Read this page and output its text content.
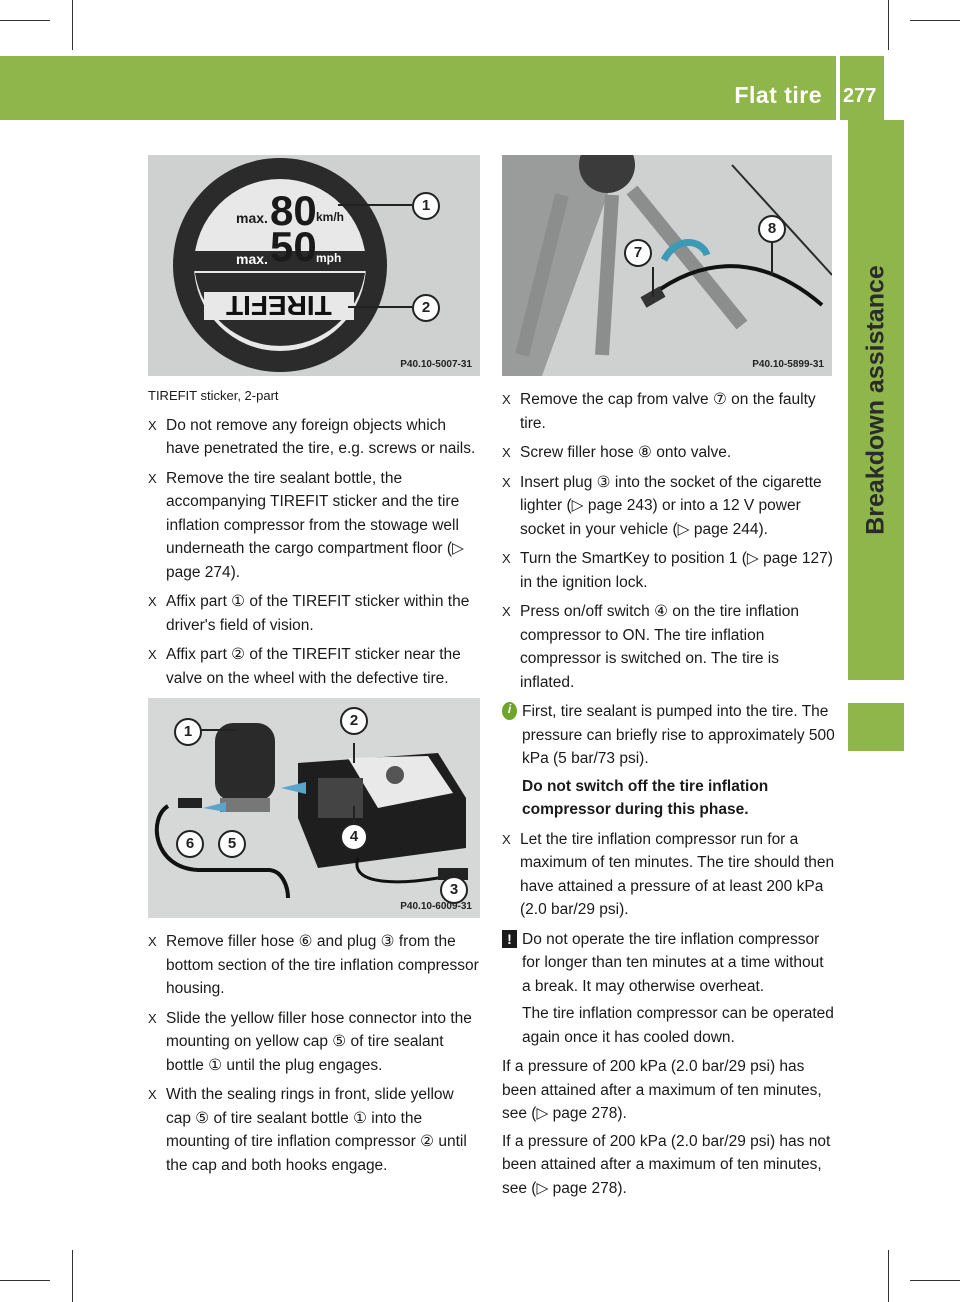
Flat tire 277
Breakdown assistance
max. 80 km/h
max. 50 mph
TIREFIT
1
2
P40.10-5007-31
1
2
4
6	5
3
P40.10-6009-31
7
8
P40.10-5899-31

TIREFIT sticker, 2-part

X Do not remove any foreign objects which have penetrated the tire, e.g. screws or nails.
X Remove the tire sealant bottle, the accompanying TIREFIT sticker and the tire inflation compressor from the stowage well underneath the cargo compartment floor (▷ page 274).
X Affix part ① of the TIREFIT sticker within the driver's field of vision.
X Affix part ② of the TIREFIT sticker near the valve on the wheel with the defective tire.
X Remove filler hose ⑥ and plug ③ from the bottom section of the tire inflation compressor housing.
X Slide the yellow filler hose connector into the mounting on yellow cap ⑤ of tire sealant bottle ① until the plug engages.
X With the sealing rings in front, slide yellow cap ⑤ of tire sealant bottle ① into the mounting of tire inflation compressor ② until the cap and both hooks engage.
X Remove the cap from valve ⑦ on the faulty tire.
X Screw filler hose ⑧ onto valve.
X Insert plug ③ into the socket of the cigarette lighter (▷ page 243) or into a 12 V power socket in your vehicle (▷ page 244).
X Turn the SmartKey to position 1 (▷ page 127) in the ignition lock.
X Press on/off switch ④ on the tire inflation compressor to ON. The tire inflation compressor is switched on. The tire is inflated.
i First, tire sealant is pumped into the tire. The pressure can briefly rise to approximately 500 kPa (5 bar/73 psi).

Do not switch off the tire inflation compressor during this phase.

X Let the tire inflation compressor run for a maximum of ten minutes. The tire should then have attained a pressure of at least 200 kPa (2.0 bar/29 psi).
! Do not operate the tire inflation compressor for longer than ten minutes at a time without a break. It may otherwise overheat.

The tire inflation compressor can be operated again once it has cooled down.

If a pressure of 200 kPa (2.0 bar/29 psi) has been attained after a maximum of ten minutes, see (▷ page 278).

If a pressure of 200 kPa (2.0 bar/29 psi) has not been attained after a maximum of ten minutes, see (▷ page 278).
